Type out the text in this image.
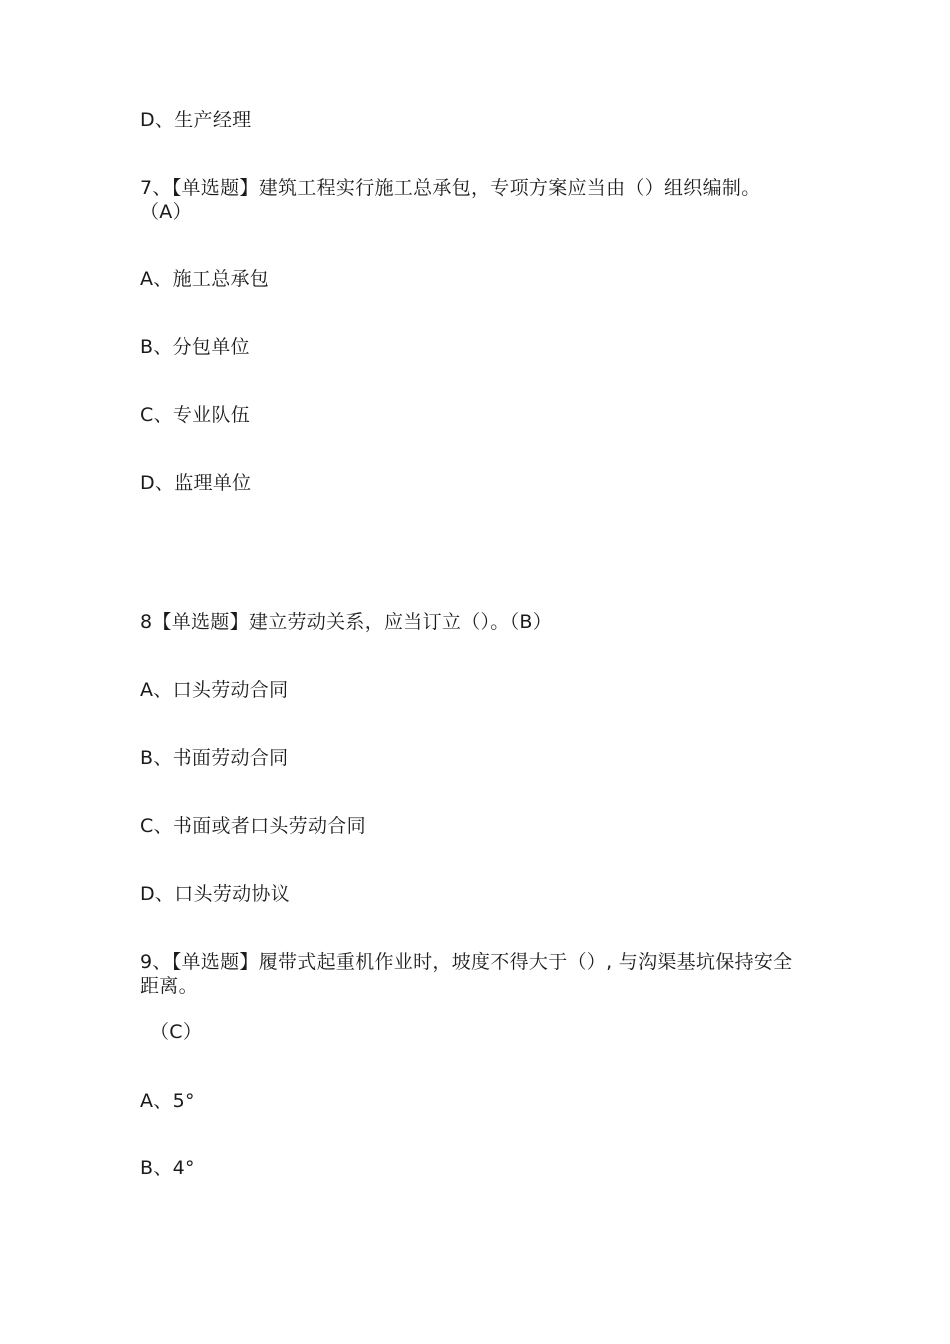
D、生产经理
7、【单选题】建筑工程实行施工总承包，专项方案应当由（）组织编制。
（A）
A、施工总承包
B、分包单位
C、专业队伍
D、监理单位
8【单选题】建立劳动关系，应当订立（）。（B）
A、口头劳动合同
B、书面劳动合同
C、书面或者口头劳动合同
D、口头劳动协议
9、【单选题】履带式起重机作业时，坡度不得大于（）, 与沟渠基坑保持安全
距离。
（C）
A、5°
B、4°
